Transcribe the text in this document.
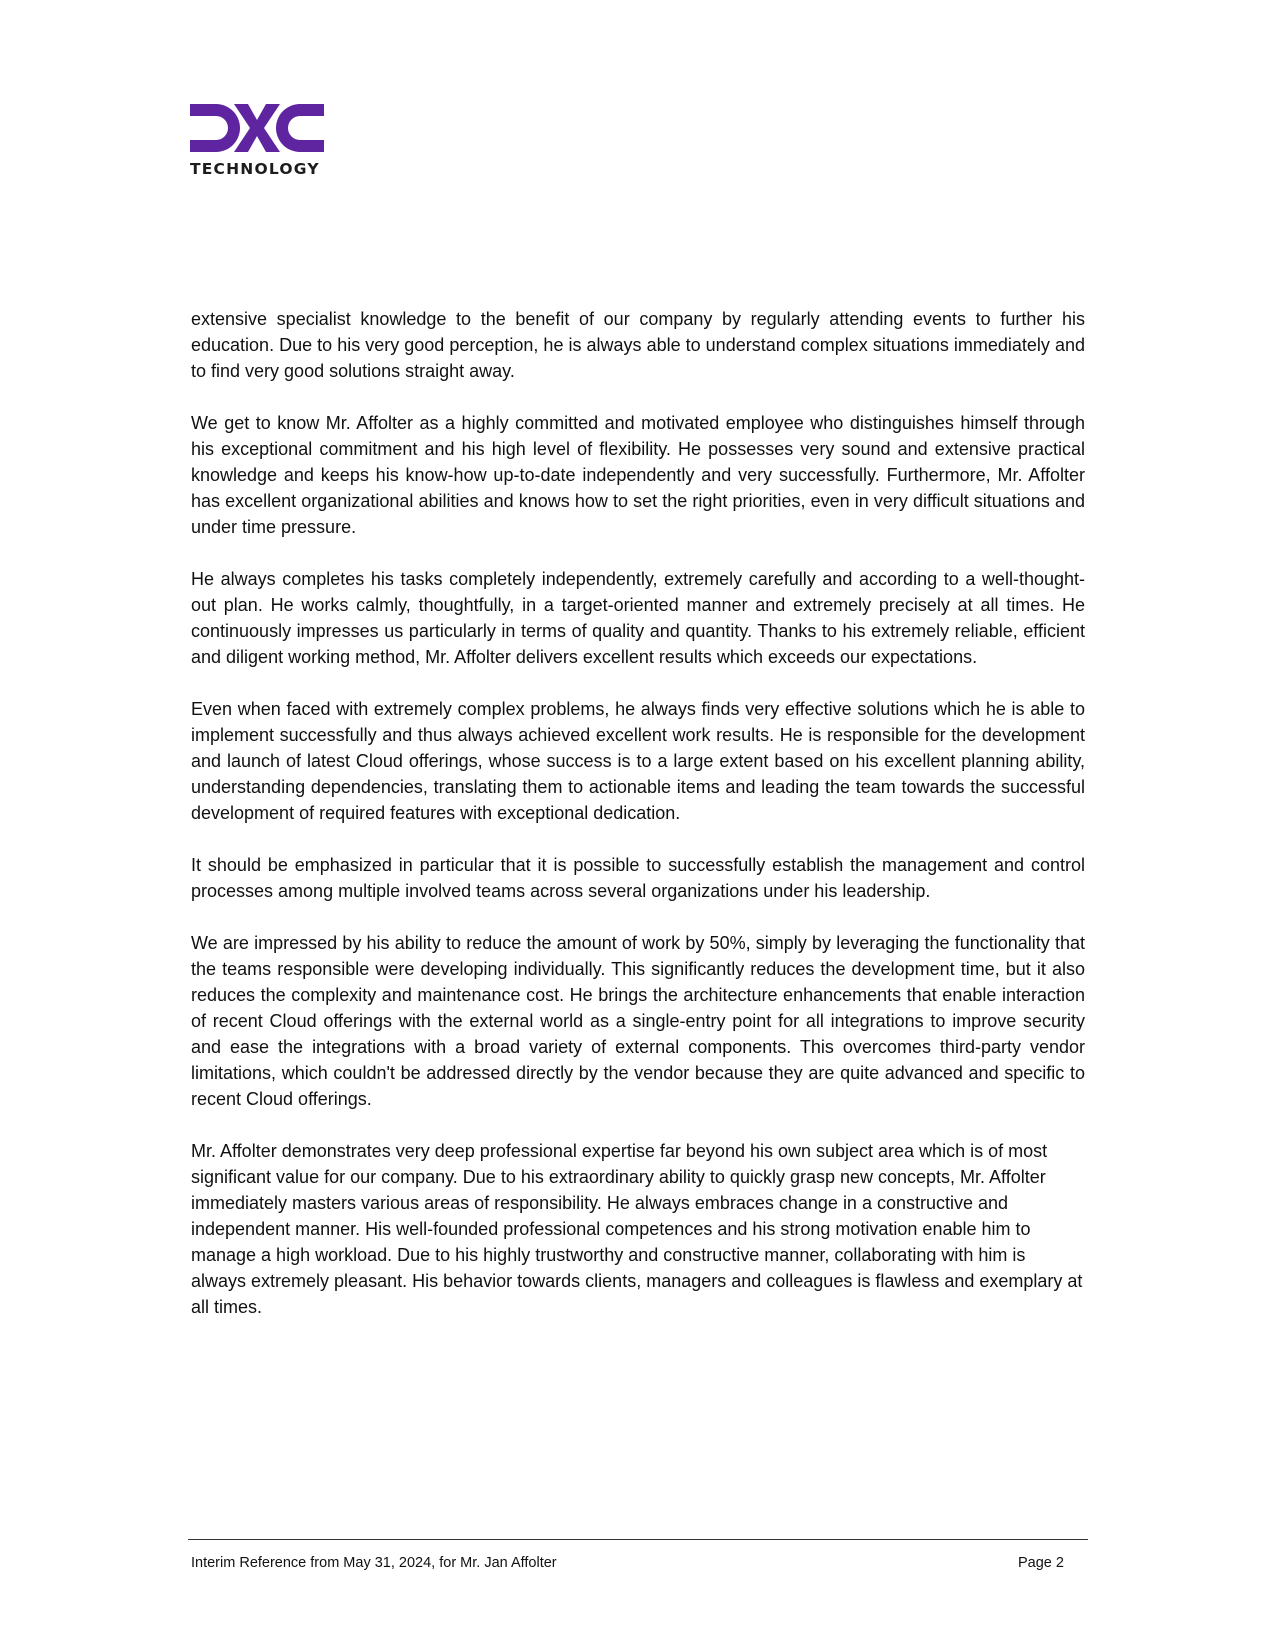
TECHNOLOGY

extensive specialist knowledge to the benefit of our company by regularly attending events to further his education. Due to his very good perception, he is always able to understand complex situations immediately and to find very good solutions straight away.

We get to know Mr. Affolter as a highly committed and motivated employee who distinguishes himself through his exceptional commitment and his high level of flexibility. He possesses very sound and extensive practical knowledge and keeps his know-how up-to-date independently and very successfully. Furthermore, Mr. Affolter has excellent organizational abilities and knows how to set the right priorities, even in very difficult situations and under time pressure.

He always completes his tasks completely independently, extremely carefully and according to a well-thought-out plan. He works calmly, thoughtfully, in a target-oriented manner and extremely precisely at all times. He continuously impresses us particularly in terms of quality and quantity. Thanks to his extremely reliable, efficient and diligent working method, Mr. Affolter delivers excellent results which exceeds our expectations.

Even when faced with extremely complex problems, he always finds very effective solutions which he is able to implement successfully and thus always achieved excellent work results. He is responsible for the development and launch of latest Cloud offerings, whose success is to a large extent based on his excellent planning ability, understanding dependencies, translating them to actionable items and leading the team towards the successful development of required features with exceptional dedication.

It should be emphasized in particular that it is possible to successfully establish the management and control processes among multiple involved teams across several organizations under his leadership.

We are impressed by his ability to reduce the amount of work by 50%, simply by leveraging the functionality that the teams responsible were developing individually. This significantly reduces the development time, but it also reduces the complexity and maintenance cost. He brings the architecture enhancements that enable interaction of recent Cloud offerings with the external world as a single-entry point for all integrations to improve security and ease the integrations with a broad variety of external components. This overcomes third-party vendor limitations, which couldn't be addressed directly by the vendor because they are quite advanced and specific to recent Cloud offerings.

Mr. Affolter demonstrates very deep professional expertise far beyond his own subject area which is of most significant value for our company. Due to his extraordinary ability to quickly grasp new concepts, Mr. Affolter immediately masters various areas of responsibility. He always embraces change in a constructive and independent manner. His well-founded professional competences and his strong motivation enable him to manage a high workload. Due to his highly trustworthy and constructive manner, collaborating with him is always extremely pleasant. His behavior towards clients, managers and colleagues is flawless and exemplary at all times.

Interim Reference from May 31, 2024, for Mr. Jan Affolter	Page 2
